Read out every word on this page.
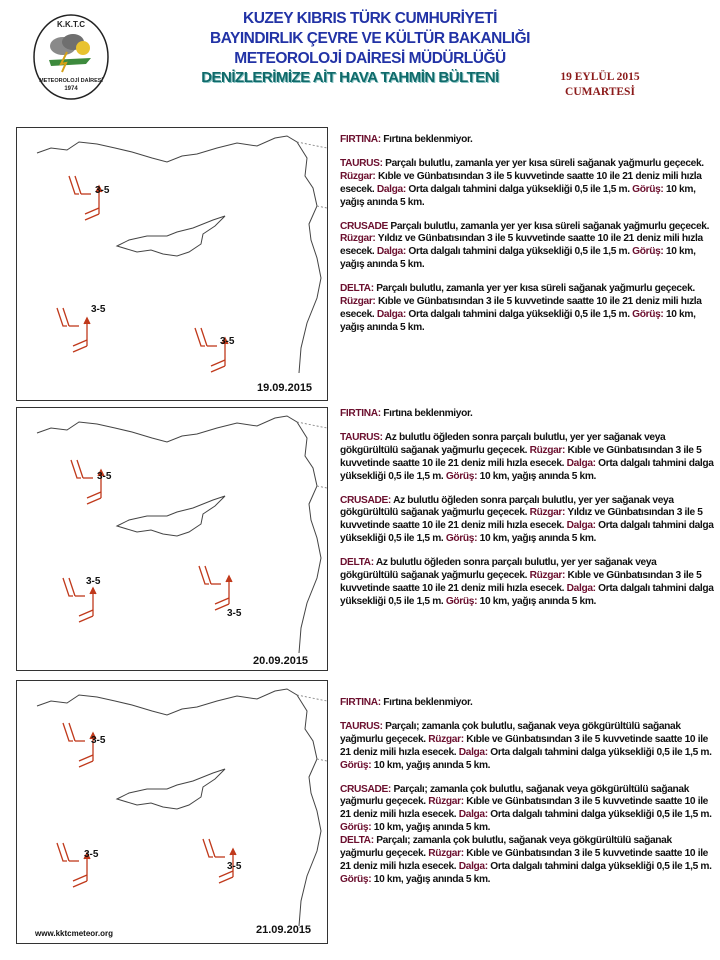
K.K.T.C
METEOROLOJİ DAİRESİ
1974
KUZEY KIBRIS TÜRK CUMHURİYETİ
BAYINDIRLIK ÇEVRE VE KÜLTÜR BAKANLIĞI
METEOROLOJİ DAİRESİ MÜDÜRLÜĞÜ
DENİZLERİMİZE AİT HAVA TAHMİN BÜLTENİ	19 EYLÜL 2015
CUMARTESİ
3-5
3-5
3-5
19.09.2015
3-5
3-5
3-5
20.09.2015
3-5
3-5
3-5
www.kktcmeteor.org	21.09.2015

FIRTINA: Fırtına beklenmiyor.

TAURUS: Parçalı bulutlu, zamanla yer yer kısa süreli sağanak yağmurlu geçecek. Rüzgar: Kıble ve Günbatısından 3 ile 5 kuvvetinde saatte 10 ile 21 deniz mili hızla esecek. Dalga: Orta dalgalı tahmini dalga yüksekliği 0,5 ile 1,5 m. Görüş: 10 km, yağış anında 5 km.

CRUSADE Parçalı bulutlu, zamanla yer yer kısa süreli sağanak yağmurlu geçecek. Rüzgar: Yıldız ve Günbatısından 3 ile 5 kuvvetinde saatte 10 ile 21 deniz mili hızla esecek. Dalga: Orta dalgalı tahmini dalga yüksekliği 0,5 ile 1,5 m. Görüş: 10 km, yağış anında 5 km.

DELTA: Parçalı bulutlu, zamanla yer yer kısa süreli sağanak yağmurlu geçecek. Rüzgar: Kıble ve Günbatısından 3 ile 5 kuvvetinde saatte 10 ile 21 deniz mili hızla esecek. Dalga: Orta dalgalı tahmini dalga yüksekliği 0,5 ile 1,5 m. Görüş: 10 km, yağış anında 5 km.

FIRTINA: Fırtına beklenmiyor.

TAURUS: Az bulutlu öğleden sonra parçalı bulutlu, yer yer sağanak veya gökgürültülü sağanak yağmurlu geçecek. Rüzgar: Kıble ve Günbatısından 3 ile 5 kuvvetinde saatte 10 ile 21 deniz mili hızla esecek. Dalga: Orta dalgalı tahmini dalga yüksekliği 0,5 ile 1,5 m. Görüş: 10 km, yağış anında 5 km.

CRUSADE: Az bulutlu öğleden sonra parçalı bulutlu, yer yer sağanak veya gökgürültülü sağanak yağmurlu geçecek. Rüzgar: Yıldız ve Günbatısından 3 ile 5 kuvvetinde saatte 10 ile 21 deniz mili hızla esecek. Dalga: Orta dalgalı tahmini dalga yüksekliği 0,5 ile 1,5 m. Görüş: 10 km, yağış anında 5 km.

DELTA: Az bulutlu öğleden sonra parçalı bulutlu, yer yer sağanak veya gökgürültülü sağanak yağmurlu geçecek. Rüzgar: Kıble ve Günbatısından 3 ile 5 kuvvetinde saatte 10 ile 21 deniz mili hızla esecek. Dalga: Orta dalgalı tahmini dalga yüksekliği 0,5 ile 1,5 m. Görüş: 10 km, yağış anında 5 km.

FIRTINA: Fırtına beklenmiyor.

TAURUS: Parçalı; zamanla çok bulutlu, sağanak veya gökgürültülü sağanak yağmurlu geçecek. Rüzgar: Kıble ve Günbatısından 3 ile 5 kuvvetinde saatte 10 ile 21 deniz mili hızla esecek. Dalga: Orta dalgalı tahmini dalga yüksekliği 0,5 ile 1,5 m. Görüş: 10 km, yağış anında 5 km.

CRUSADE: Parçalı; zamanla çok bulutlu, sağanak veya gökgürültülü sağanak yağmurlu geçecek. Rüzgar: Kıble ve Günbatısından 3 ile 5 kuvvetinde saatte 10 ile 21 deniz mili hızla esecek. Dalga: Orta dalgalı tahmini dalga yüksekliği 0,5 ile 1,5 m. Görüş: 10 km, yağış anında 5 km.

DELTA: Parçalı; zamanla çok bulutlu, sağanak veya gökgürültülü sağanak yağmurlu geçecek. Rüzgar: Kıble ve Günbatısından 3 ile 5 kuvvetinde saatte 10 ile 21 deniz mili hızla esecek. Dalga: Orta dalgalı tahmini dalga yüksekliği 0,5 ile 1,5 m. Görüş: 10 km, yağış anında 5 km.
